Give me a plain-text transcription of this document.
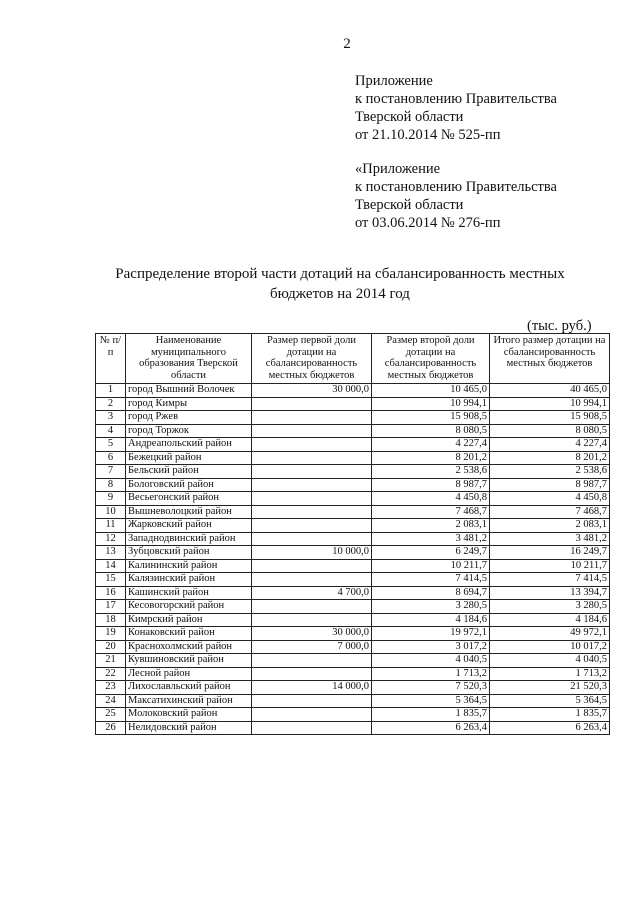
2
Приложение
к постановлению Правительства
Тверской области
от 21.10.2014 № 525-пп
«Приложение
к постановлению Правительства
Тверской области
от 03.06.2014 № 276-пп
Распределение второй части дотаций на сбалансированность местных
бюджетов на 2014 год
(тыс. руб.)
№ п/п	Наименование муниципального образования Тверской области	Размер первой доли дотации на сбалансированность местных бюджетов	Размер второй доли дотации на сбалансированность местных бюджетов	Итого размер дотации на сбалансированность местных бюджетов
1	город Вышний Волочек	30 000,0	10 465,0	40 465,0
2	город Кимры		10 994,1	10 994,1
3	город Ржев		15 908,5	15 908,5
4	город Торжок		8 080,5	8 080,5
5	Андреапольский район		4 227,4	4 227,4
6	Бежецкий район		8 201,2	8 201,2
7	Бельский район		2 538,6	2 538,6
8	Бологовский район		8 987,7	8 987,7
9	Весьегонский район		4 450,8	4 450,8
10	Вышневолоцкий район		7 468,7	7 468,7
11	Жарковский район		2 083,1	2 083,1
12	Западнодвинский район		3 481,2	3 481,2
13	Зубцовский район	10 000,0	6 249,7	16 249,7
14	Калининский район		10 211,7	10 211,7
15	Калязинский район		7 414,5	7 414,5
16	Кашинский район	4 700,0	8 694,7	13 394,7
17	Кесовогорский район		3 280,5	3 280,5
18	Кимрский район		4 184,6	4 184,6
19	Конаковский район	30 000,0	19 972,1	49 972,1
20	Краснохолмский район	7 000,0	3 017,2	10 017,2
21	Кувшиновский район		4 040,5	4 040,5
22	Лесной район		1 713,2	1 713,2
23	Лихославльский район	14 000,0	7 520,3	21 520,3
24	Максатихинский район		5 364,5	5 364,5
25	Молоковский район		1 835,7	1 835,7
26	Нелидовский район		6 263,4	6 263,4
